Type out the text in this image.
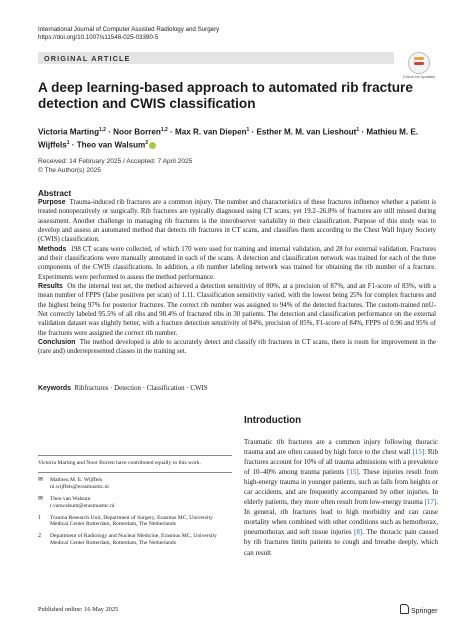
International Journal of Computer Assisted Radiology and Surgery
https://doi.org/10.1007/s11548-025-03390-5
ORIGINAL ARTICLE
Check for updates
A deep learning-based approach to automated rib fracture detection and CWIS classification
Victoria Marting$^{1,2}$ · Noor Borren$^{1,2}$ · Max R. van Diepen$^1$ · Esther M. M. van Lieshout$^1$ · Mathieu M. E. Wijffels$^1$ · Theo van Walsum$^2$
Received: 14 February 2025 / Accepted: 7 April 2025
© The Author(s) 2025
Abstract

Purpose Trauma-induced rib fractures are a common injury. The number and characteristics of these fractures influence whether a patient is treated nonoperatively or surgically. Rib fractures are typically diagnosed using CT scans, yet 19.2–26.8% of fractures are still missed during assessment. Another challenge in managing rib fractures is the interobserver variability in their classification. Purpose of this study was to develop and assess an automated method that detects rib fractures in CT scans, and classifies them according to the Chest Wall Injury Society (CWIS) classification.

Methods 198 CT scans were collected, of which 170 were used for training and internal validation, and 28 for external validation. Fractures and their classifications were manually annotated in each of the scans. A detection and classification network was trained for each of the three components of the CWIS classifications. In addition, a rib number labeling network was trained for obtaining the rib number of a fracture. Experiments were performed to assess the method performance.

Results On the internal test set, the method achieved a detection sensitivity of 80%, at a precision of 87%, and an F1-score of 83%, with a mean number of FPPS (false positives per scan) of 1.11. Classification sensitivity varied, with the lowest being 25% for complex fractures and the highest being 97% for posterior fractures. The correct rib number was assigned to 94% of the detected fractures. The custom-trained nnU-Net correctly labeled 95.5% of all ribs and 98.4% of fractured ribs in 30 patients. The detection and classification performance on the external validation dataset was slightly better, with a fracture detection sensitivity of 84%, precision of 85%, F1-score of 84%, FPPS of 0.96 and 95% of the fractures were assigned the correct rib number.

Conclusion The method developed is able to accurately detect and classify rib fractures in CT scans, there is room for improvement in the (rare and) underrepresented classes in the training set.

Keywords Ribfractures · Detection · Classification · CWIS
Introduction

Traumatic rib fractures are a common injury following thoracic trauma and are often caused by high force to the chest wall [15]. Rib fractures account for 10% of all trauma admissions with a prevalence of 10–40% among trauma patients [15]. These injuries result from high-energy trauma in younger patients, such as falls from heights or car accidents, and are frequently accompanied by other injuries. In elderly patients, they more often result from low-energy trauma [17]. In general, rib fractures lead to high morbidity and can cause mortality when combined with other conditions such as hemothorax, pneumothorax and soft tissue injuries [8]. The thoracic pain caused by rib fractures limits patients to cough and breathe deeply, which can result

Victoria Marting and Noor Borren have contributed equally to this work.
✉	Mathieu M. E. Wijffels
m.wijffels@erasmusmc.nl
✉	Theo van Walsum
t.vanwalsum@erasmusmc.nl
1	Trauma Research Unit, Department of Surgery, Erasmus MC, University Medical Center Rotterdam, Rotterdam, The Netherlands
2	Department of Radiology and Nuclear Medicine, Erasmus MC, University Medical Center Rotterdam, Rotterdam, The Netherlands
Published online: 16 May 2025	Springer
